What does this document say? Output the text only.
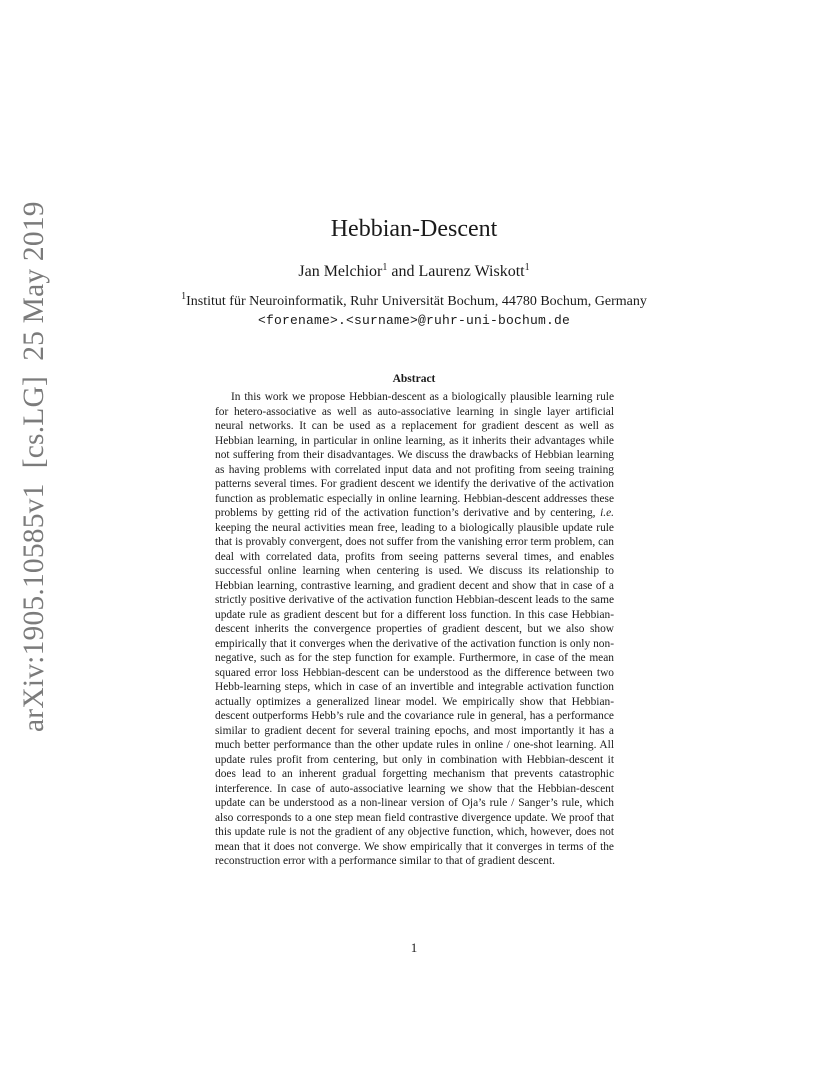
arXiv:1905.10585v1  [cs.LG]  25 May 2019	Hebbian-Descent
Jan Melchior$^1$ and Laurenz Wiskott$^1$
$^1$Institut für Neuroinformatik, Ruhr Universität Bochum, 44780 Bochum, Germany
<forename>.<surname>@ruhr-uni-bochum.de
Abstract

In this work we propose Hebbian-descent as a biologically plausible learning rule for hetero-associative as well as auto-associative learning in single layer artificial neural networks. It can be used as a replacement for gradient descent as well as Hebbian learning, in particular in online learning, as it inherits their advantages while not suffering from their disadvantages. We discuss the drawbacks of Hebbian learning as having problems with correlated input data and not profiting from seeing training patterns several times. For gradient descent we identify the derivative of the activation function as problematic especially in online learning. Hebbian-descent addresses these problems by getting rid of the activation function’s derivative and by centering, i.e. keeping the neural activities mean free, leading to a biologically plausible update rule that is provably convergent, does not suffer from the vanishing error term problem, can deal with correlated data, profits from seeing patterns several times, and enables successful online learning when centering is used. We discuss its relationship to Hebbian learning, contrastive learning, and gradient decent and show that in case of a strictly positive derivative of the activation function Hebbian-descent leads to the same update rule as gradient descent but for a different loss function. In this case Hebbian-descent inherits the convergence properties of gradient descent, but we also show empirically that it converges when the derivative of the activation function is only non-negative, such as for the step function for example. Furthermore, in case of the mean squared error loss Hebbian-descent can be understood as the difference between two Hebb-learning steps, which in case of an invertible and integrable activation function actually optimizes a generalized linear model. We empirically show that Hebbian-descent outperforms Hebb’s rule and the covariance rule in general, has a performance similar to gradient decent for several training epochs, and most importantly it has a much better performance than the other update rules in online / one-shot learning. All update rules profit from centering, but only in combination with Hebbian-descent it does lead to an inherent gradual forgetting mechanism that prevents catastrophic interference. In case of auto-associative learning we show that the Hebbian-descent update can be understood as a non-linear version of Oja’s rule / Sanger’s rule, which also corresponds to a one step mean field contrastive divergence update. We proof that this update rule is not the gradient of any objective function, which, however, does not mean that it does not converge. We show empirically that it converges in terms of the reconstruction error with a performance similar to that of gradient descent.

1
